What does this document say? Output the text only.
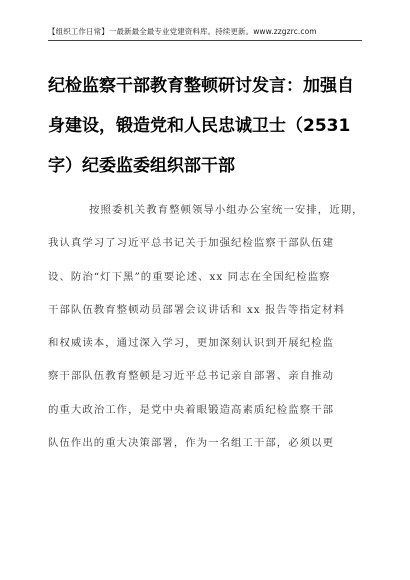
【组织工作日常】一最新最全最专业党建资料库。持续更新。www.zzgzrc.com
纪检监察干部教育整顿研讨发言：加强自
身建设，锻造党和人民忠诚卫士（2531
字）纪委监委组织部干部
按照委机关教育整顿领导小组办公室统一安排，近期，
我认真学习了习近平总书记关于加强纪检监察干部队伍建
设、防治“灯下黑”的重要论述、xx 同志在全国纪检监察
干部队伍教育整顿动员部署会议讲话和 xx 报告等指定材料
和权威读本，通过深入学习，更加深刻认识到开展纪检监
察干部队伍教育整顿是习近平总书记亲自部署、亲自推动
的重大政治工作，是党中央着眼锻造高素质纪检监察干部
队伍作出的重大决策部署，作为一名组工干部，必须以更
